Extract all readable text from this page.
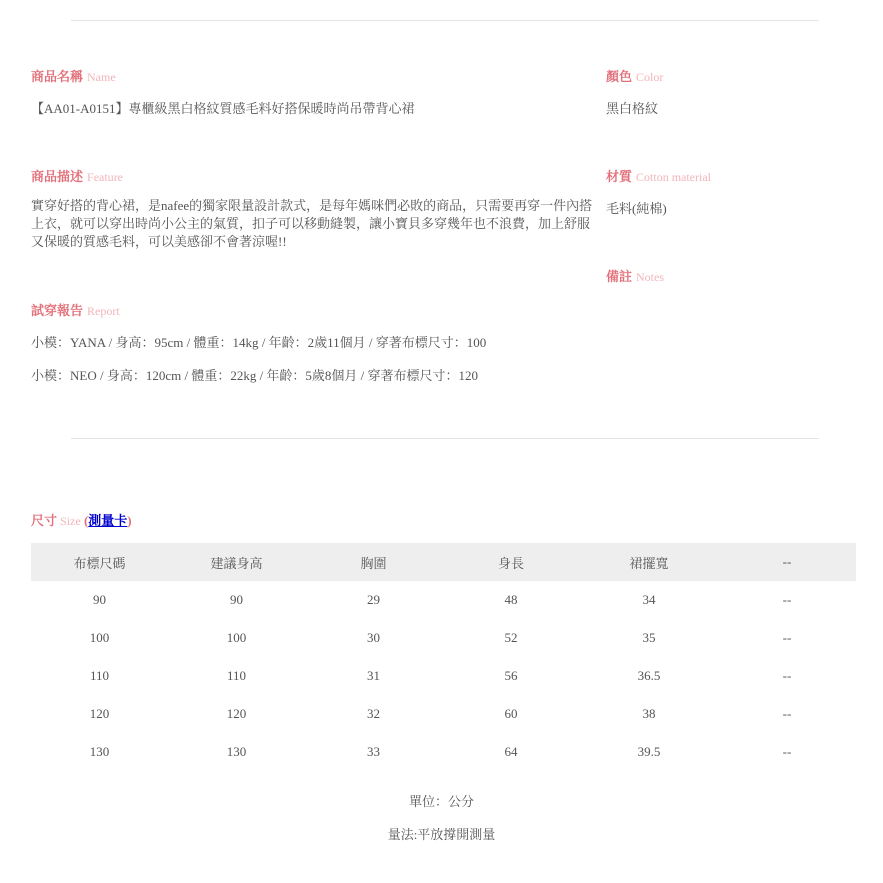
商品名稱 Name
【AA01-A0151】專櫃級黑白格紋質感毛料好搭保暖時尚吊帶背心裙
商品描述 Feature
實穿好搭的背心裙，是nafee的獨家限量設計款式，是每年媽咪們必敗的商品，只需要再穿一件內搭上衣，就可以穿出時尚小公主的氣質，扣子可以移動縫製，讓小寶貝多穿幾年也不浪費，加上舒服又保暖的質感毛料，可以美感卻不會著涼喔!!
試穿報告 Report
小模：YANA / 身高：95cm / 體重：14kg / 年齡：2歲11個月 / 穿著布標尺寸：100
小模：NEO / 身高：120cm / 體重：22kg / 年齡：5歲8個月 / 穿著布標尺寸：120
顏色 Color
黑白格紋
材質 Cotton material
毛料(純棉)
備註 Notes
尺寸 Size (測量卡)
布標尺碼	建議身高	胸圍	身長	裙擺寬	--
90	90	29	48	34	--
100	100	30	52	35	--
110	110	31	56	36.5	--
120	120	32	60	38	--
130	130	33	64	39.5	--
單位：公分
量法:平放撐開測量
